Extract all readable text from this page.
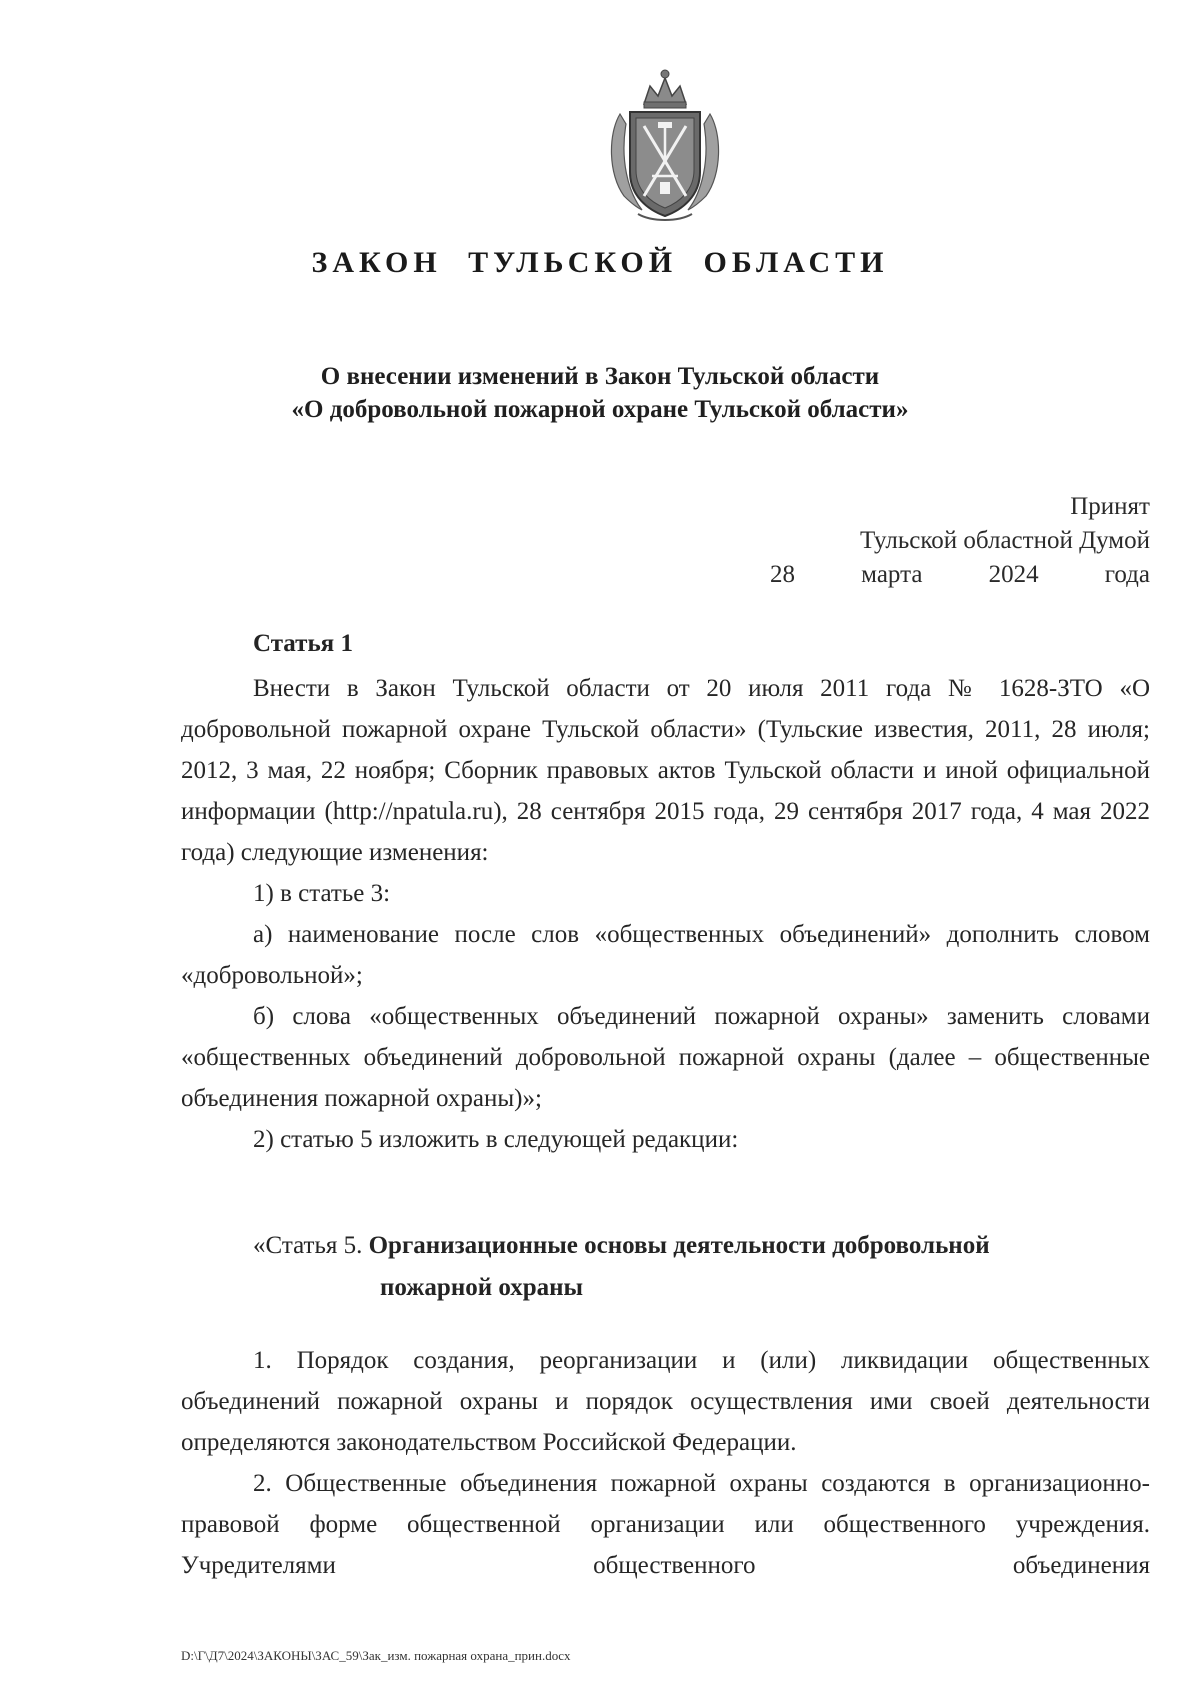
ЗАКОН ТУЛЬСКОЙ ОБЛАСТИ
О внесении изменений в Закон Тульской области
«О добровольной пожарной охране Тульской области»
Принят
Тульской областной Думой
28	марта	2024	года
Статья 1

Внести в Закон Тульской области от 20 июля 2011 года № 1628-ЗТО «О добровольной пожарной охране Тульской области» (Тульские известия, 2011, 28 июля; 2012, 3 мая, 22 ноября; Сборник правовых актов Тульской области и иной официальной информации (http://npatula.ru), 28 сентября 2015 года, 29 сентября 2017 года, 4 мая 2022 года) следующие изменения:

1) в статье 3:

а) наименование после слов «общественных объединений» дополнить словом «добровольной»;

б) слова «общественных объединений пожарной охраны» заменить словами «общественных объединений добровольной пожарной охраны (далее – общественные объединения пожарной охраны)»;

2) статью 5 изложить в следующей редакции:

«Статья 5. Организационные основы деятельности добровольной
пожарной охраны

1. Порядок создания, реорганизации и (или) ликвидации общественных объединений пожарной охраны и порядок осуществления ими своей деятельности определяются законодательством Российской Федерации.

2. Общественные объединения пожарной охраны создаются в организационно-правовой форме общественной организации или общественного учреждения. Учредителями общественного объединения

D:\Г\Д7\2024\ЗАКОНЫ\ЗАС_59\Зак_изм. пожарная охрана_прин.docx
